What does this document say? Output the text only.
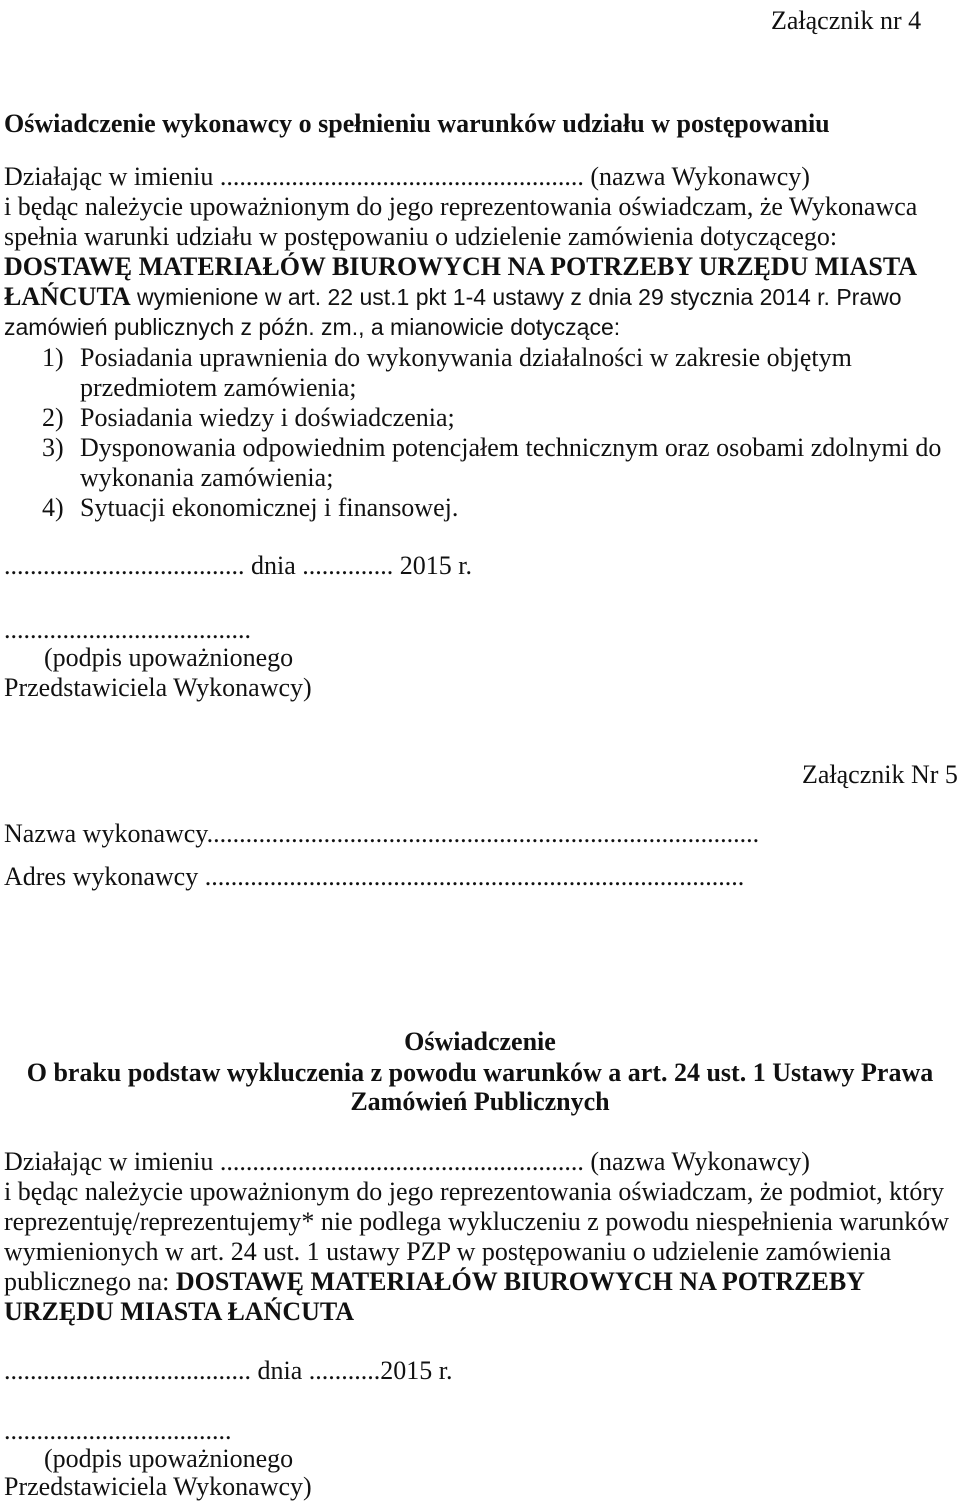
Załącznik nr 4
Oświadczenie wykonawcy o spełnieniu warunków udziału w postępowaniu
Działając w imieniu ........................................................ (nazwa Wykonawcy)
i będąc należycie upoważnionym do jego reprezentowania oświadczam, że Wykonawca
spełnia warunki udziału w postępowaniu o udzielenie zamówienia dotyczącego:
DOSTAWĘ MATERIAŁÓW BIUROWYCH NA POTRZEBY URZĘDU MIASTA
ŁAŃCUTA wymienione w art. 22 ust.1 pkt 1-4 ustawy z dnia 29 stycznia 2014 r. Prawo
zamówień publicznych z późn. zm., a mianowicie dotyczące:
1) Posiadania uprawnienia do wykonywania działalności w zakresie objętym
przedmiotem zamówienia;
2) Posiadania wiedzy i doświadczenia;
3) Dysponowania odpowiednim potencjałem technicznym oraz osobami zdolnymi do
wykonania zamówienia;
4) Sytuacji ekonomicznej i finansowej.
..................................... dnia .............. 2015 r.
......................................
(podpis upoważnionego
Przedstawiciela Wykonawcy)
Załącznik Nr 5
Nazwa wykonawcy.....................................................................................
Adres wykonawcy ...................................................................................
Oświadczenie
O braku podstaw wykluczenia z powodu warunków a art. 24 ust. 1 Ustawy Prawa
Zamówień Publicznych
Działając w imieniu ........................................................ (nazwa Wykonawcy)
i będąc należycie upoważnionym do jego reprezentowania oświadczam, że podmiot, który
reprezentuję/reprezentujemy* nie podlega wykluczeniu z powodu niespełnienia warunków
wymienionych w art. 24 ust. 1 ustawy PZP w postępowaniu o udzielenie zamówienia
publicznego na: DOSTAWĘ MATERIAŁÓW BIUROWYCH NA POTRZEBY
URZĘDU MIASTA ŁAŃCUTA
...................................... dnia ...........2015 r.
...................................
(podpis upoważnionego
Przedstawiciela Wykonawcy)
